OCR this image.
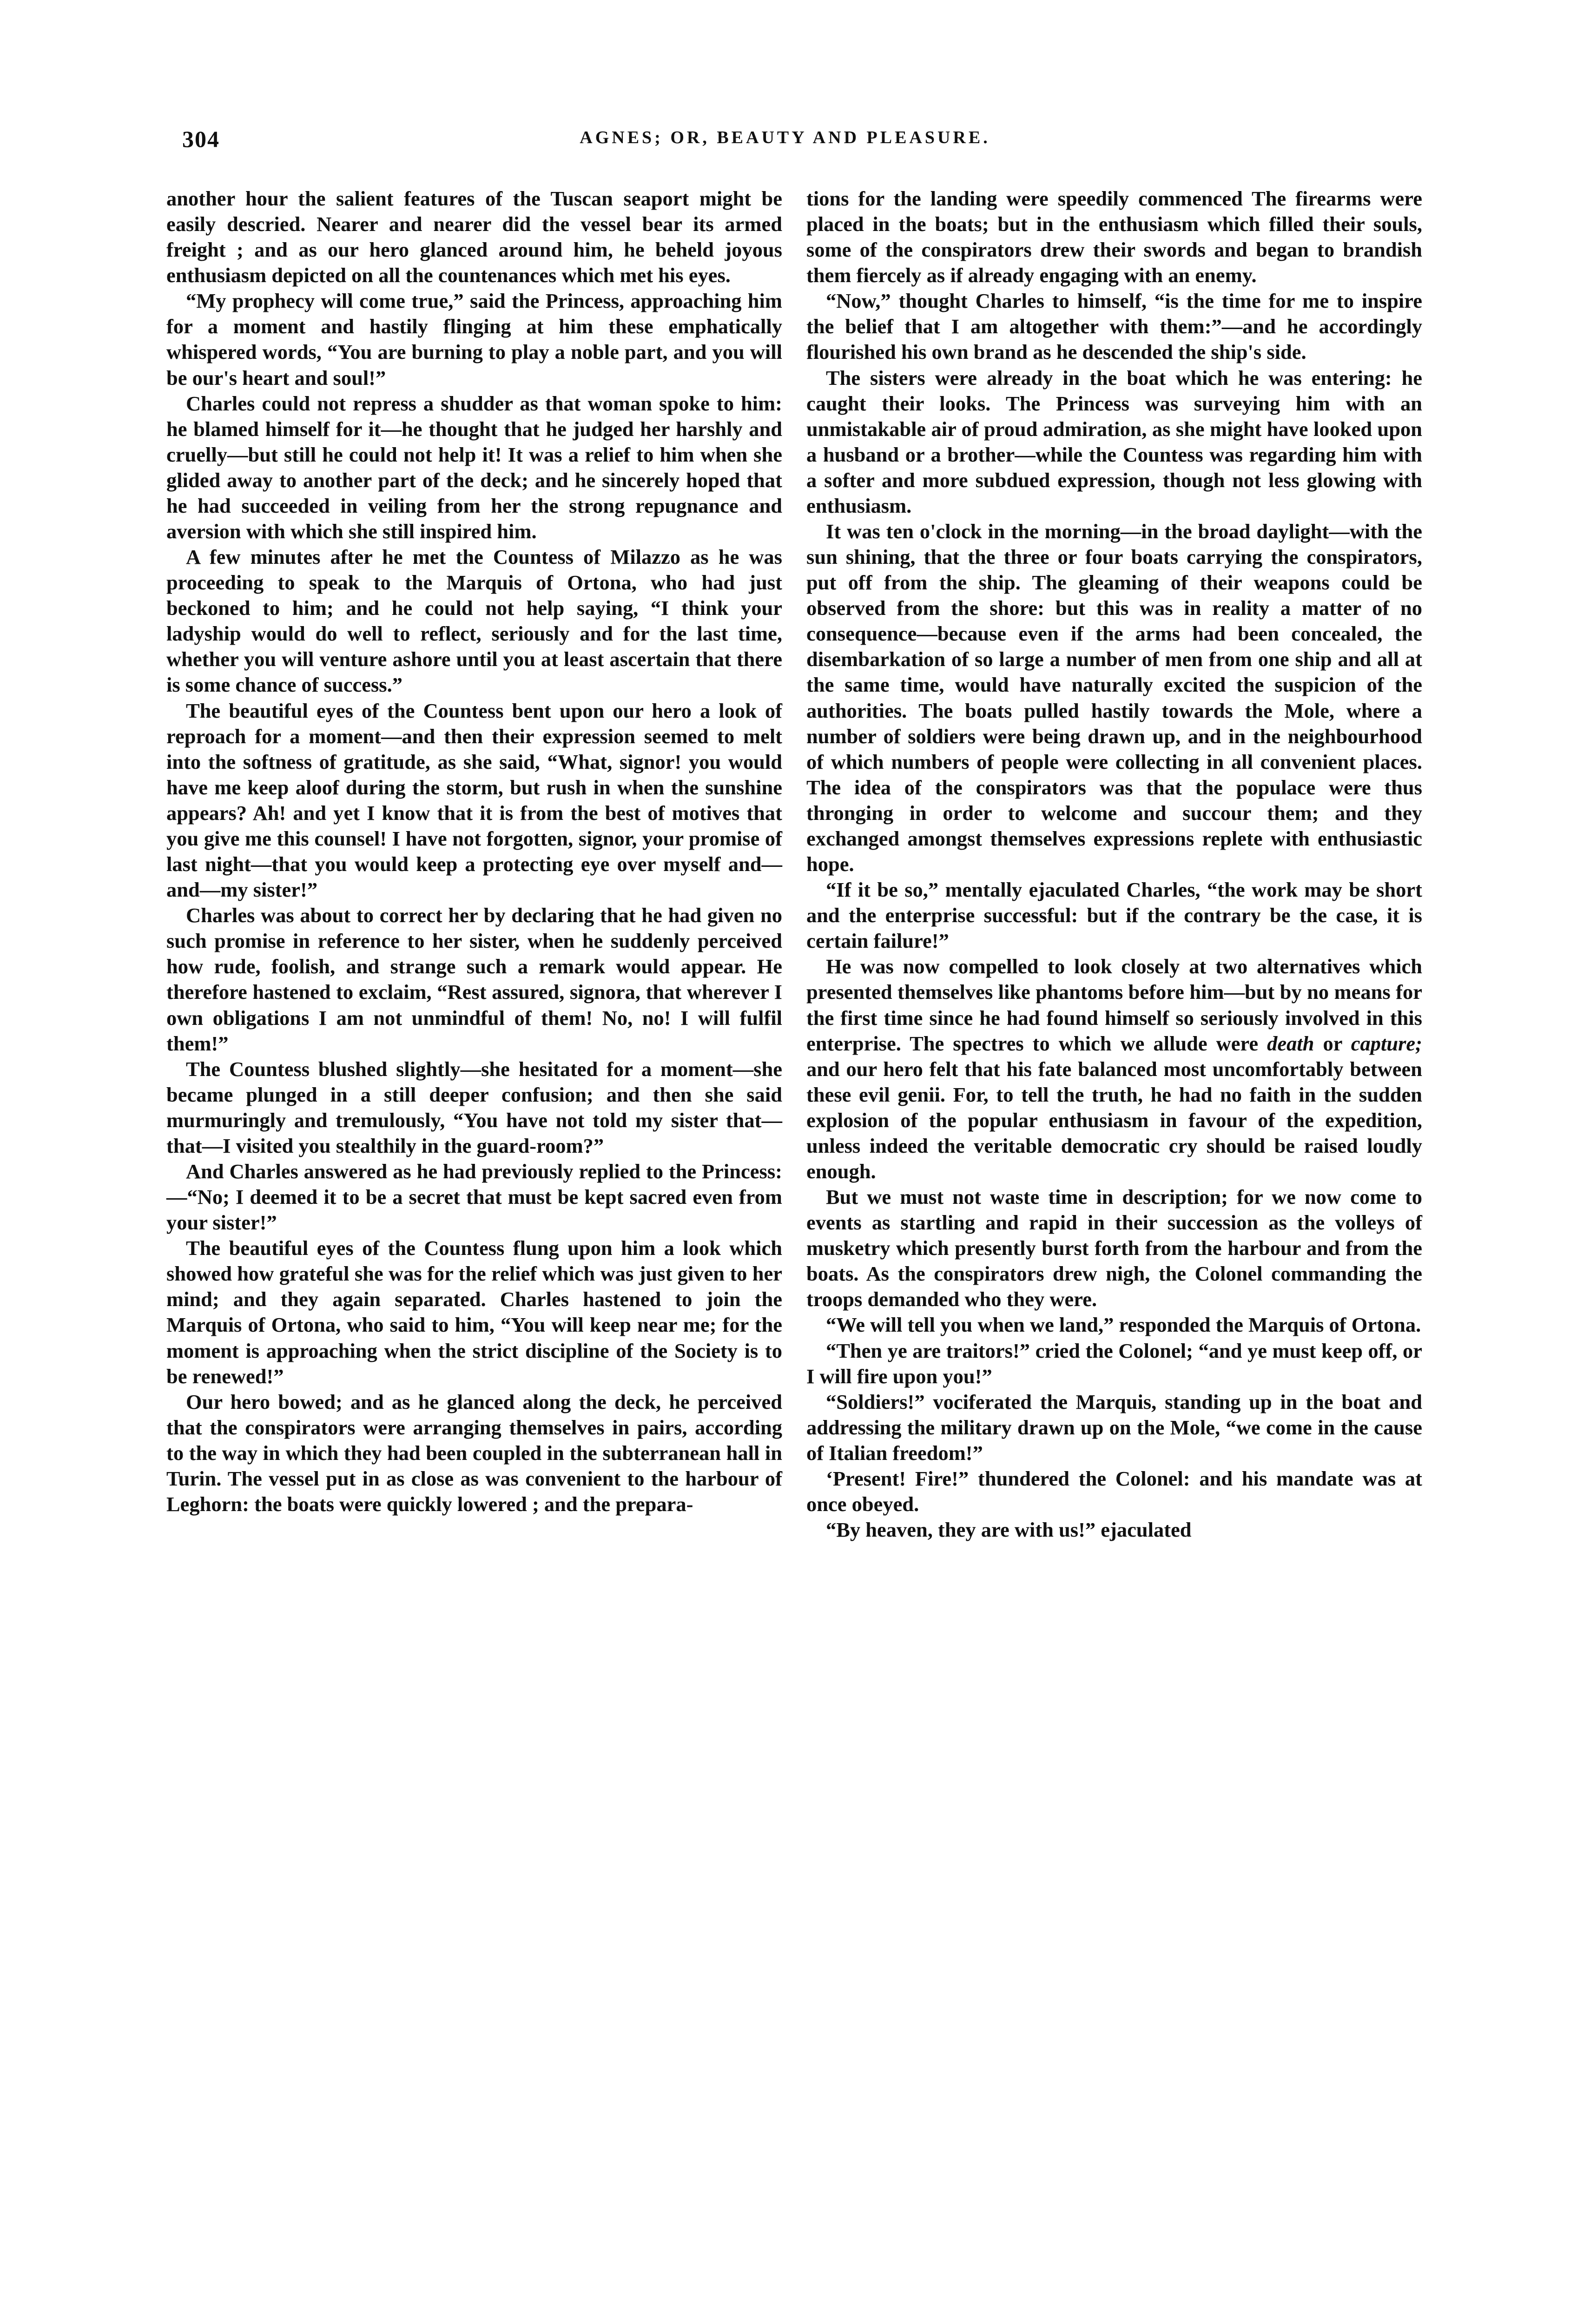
304	AGNES; OR, BEAUTY AND PLEASURE.

another hour the salient features of the Tuscan seaport might be easily descried. Nearer and nearer did the vessel bear its armed freight ; and as our hero glanced around him, he beheld joyous enthusiasm depicted on all the countenances which met his eyes.

“My prophecy will come true,” said the Princess, approaching him for a moment and hastily flinging at him these emphatically whispered words, “You are burning to play a noble part, and you will be our's heart and soul!”

Charles could not repress a shudder as that woman spoke to him: he blamed himself for it—he thought that he judged her harshly and cruelly—but still he could not help it! It was a relief to him when she glided away to another part of the deck; and he sincerely hoped that he had succeeded in veiling from her the strong repugnance and aversion with which she still inspired him.

A few minutes after he met the Countess of Milazzo as he was proceeding to speak to the Marquis of Ortona, who had just beckoned to him; and he could not help saying, “I think your ladyship would do well to reflect, seriously and for the last time, whether you will venture ashore until you at least ascertain that there is some chance of success.”

The beautiful eyes of the Countess bent upon our hero a look of reproach for a moment—and then their expression seemed to melt into the softness of gratitude, as she said, “What, signor! you would have me keep aloof during the storm, but rush in when the sunshine appears? Ah! and yet I know that it is from the best of motives that you give me this counsel! I have not forgotten, signor, your promise of last night—that you would keep a protecting eye over myself and—and—my sister!”

Charles was about to correct her by declaring that he had given no such promise in reference to her sister, when he suddenly perceived how rude, foolish, and strange such a remark would appear. He therefore hastened to exclaim, “Rest assured, signora, that wherever I own obligations I am not unmindful of them! No, no! I will fulfil them!”

The Countess blushed slightly—she hesitated for a moment—she became plunged in a still deeper confusion; and then she said murmuringly and tremulously, “You have not told my sister that—that—I visited you stealthily in the guard-room?”

And Charles answered as he had previously replied to the Princess:—“No; I deemed it to be a secret that must be kept sacred even from your sister!”

The beautiful eyes of the Countess flung upon him a look which showed how grateful she was for the relief which was just given to her mind; and they again separated. Charles hastened to join the Marquis of Ortona, who said to him, “You will keep near me; for the moment is approaching when the strict discipline of the Society is to be renewed!”

Our hero bowed; and as he glanced along the deck, he perceived that the conspirators were arranging themselves in pairs, according to the way in which they had been coupled in the subterranean hall in Turin. The vessel put in as close as was convenient to the harbour of Leghorn: the boats were quickly lowered ; and the prepara-

tions for the landing were speedily commenced The firearms were placed in the boats; but in the enthusiasm which filled their souls, some of the conspirators drew their swords and began to brandish them fiercely as if already engaging with an enemy.

“Now,” thought Charles to himself, “is the time for me to inspire the belief that I am altogether with them:”—and he accordingly flourished his own brand as he descended the ship's side.

The sisters were already in the boat which he was entering: he caught their looks. The Princess was surveying him with an unmistakable air of proud admiration, as she might have looked upon a husband or a brother—while the Countess was regarding him with a softer and more subdued expression, though not less glowing with enthusiasm.

It was ten o'clock in the morning—in the broad daylight—with the sun shining, that the three or four boats carrying the conspirators, put off from the ship. The gleaming of their weapons could be observed from the shore: but this was in reality a matter of no consequence—because even if the arms had been concealed, the disembarkation of so large a number of men from one ship and all at the same time, would have naturally excited the suspicion of the authorities. The boats pulled hastily towards the Mole, where a number of soldiers were being drawn up, and in the neighbourhood of which numbers of people were collecting in all convenient places. The idea of the conspirators was that the populace were thus thronging in order to welcome and succour them; and they exchanged amongst themselves expressions replete with enthusiastic hope.

“If it be so,” mentally ejaculated Charles, “the work may be short and the enterprise successful: but if the contrary be the case, it is certain failure!”

He was now compelled to look closely at two alternatives which presented themselves like phantoms before him—but by no means for the first time since he had found himself so seriously involved in this enterprise. The spectres to which we allude were death or capture; and our hero felt that his fate balanced most uncomfortably between these evil genii. For, to tell the truth, he had no faith in the sudden explosion of the popular enthusiasm in favour of the expedition, unless indeed the veritable democratic cry should be raised loudly enough.

But we must not waste time in description; for we now come to events as startling and rapid in their succession as the volleys of musketry which presently burst forth from the harbour and from the boats. As the conspirators drew nigh, the Colonel commanding the troops demanded who they were.

“We will tell you when we land,” responded the Marquis of Ortona.

“Then ye are traitors!” cried the Colonel; “and ye must keep off, or I will fire upon you!”

“Soldiers!” vociferated the Marquis, standing up in the boat and addressing the military drawn up on the Mole, “we come in the cause of Italian freedom!”

‘Present! Fire!” thundered the Colonel: and his mandate was at once obeyed.

“By heaven, they are with us!” ejaculated
